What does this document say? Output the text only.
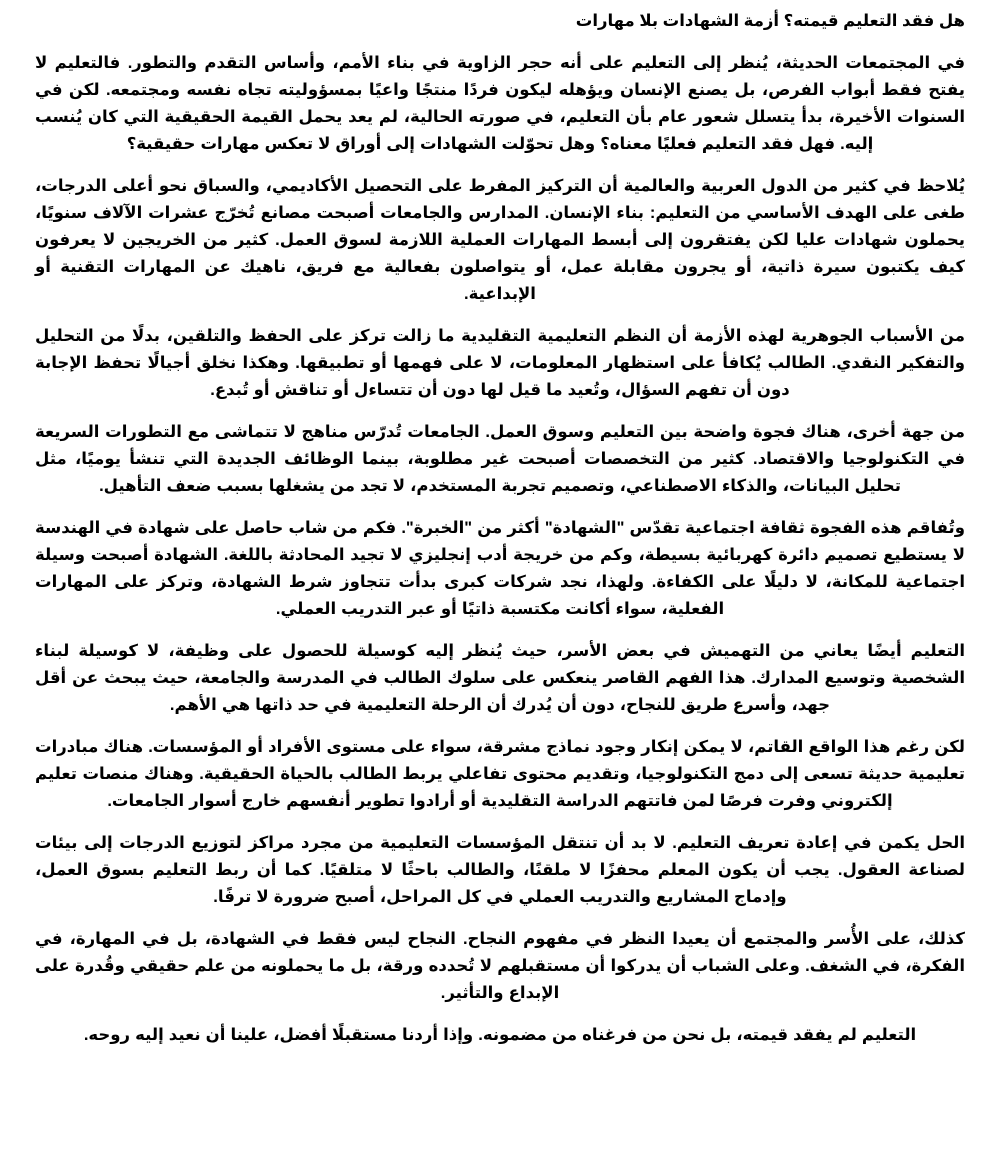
هل فقد التعليم قيمته؟ أزمة الشهادات بلا مهارات

في المجتمعات الحديثة، يُنظر إلى التعليم على أنه حجر الزاوية في بناء الأمم، وأساس التقدم والتطور. فالتعليم لا يفتح فقط أبواب الفرص، بل يصنع الإنسان ويؤهله ليكون فردًا منتجًا واعيًا بمسؤوليته تجاه نفسه ومجتمعه. لكن في السنوات الأخيرة، بدأ يتسلل شعور عام بأن التعليم، في صورته الحالية، لم يعد يحمل القيمة الحقيقية التي كان يُنسب إليه. فهل فقد التعليم فعليًا معناه؟ وهل تحوّلت الشهادات إلى أوراق لا تعكس مهارات حقيقية؟

يُلاحظ في كثير من الدول العربية والعالمية أن التركيز المفرط على التحصيل الأكاديمي، والسباق نحو أعلى الدرجات، طغى على الهدف الأساسي من التعليم: بناء الإنسان. المدارس والجامعات أصبحت مصانع تُخرّج عشرات الآلاف سنويًا، يحملون شهادات عليا لكن يفتقرون إلى أبسط المهارات العملية اللازمة لسوق العمل. كثير من الخريجين لا يعرفون كيف يكتبون سيرة ذاتية، أو يجرون مقابلة عمل، أو يتواصلون بفعالية مع فريق، ناهيك عن المهارات التقنية أو الإبداعية.

من الأسباب الجوهرية لهذه الأزمة أن النظم التعليمية التقليدية ما زالت تركز على الحفظ والتلقين، بدلًا من التحليل والتفكير النقدي. الطالب يُكافأ على استظهار المعلومات، لا على فهمها أو تطبيقها. وهكذا نخلق أجيالًا تحفظ الإجابة دون أن تفهم السؤال، وتُعيد ما قيل لها دون أن تتساءل أو تناقش أو تُبدع.

من جهة أخرى، هناك فجوة واضحة بين التعليم وسوق العمل. الجامعات تُدرّس مناهج لا تتماشى مع التطورات السريعة في التكنولوجيا والاقتصاد. كثير من التخصصات أصبحت غير مطلوبة، بينما الوظائف الجديدة التي تنشأ يوميًا، مثل تحليل البيانات، والذكاء الاصطناعي، وتصميم تجربة المستخدم، لا تجد من يشغلها بسبب ضعف التأهيل.

وتُفاقم هذه الفجوة ثقافة اجتماعية تقدّس "الشهادة" أكثر من "الخبرة". فكم من شاب حاصل على شهادة في الهندسة لا يستطيع تصميم دائرة كهربائية بسيطة، وكم من خريجة أدب إنجليزي لا تجيد المحادثة باللغة. الشهادة أصبحت وسيلة اجتماعية للمكانة، لا دليلًا على الكفاءة. ولهذا، نجد شركات كبرى بدأت تتجاوز شرط الشهادة، وتركز على المهارات الفعلية، سواء أكانت مكتسبة ذاتيًا أو عبر التدريب العملي.

التعليم أيضًا يعاني من التهميش في بعض الأسر، حيث يُنظر إليه كوسيلة للحصول على وظيفة، لا كوسيلة لبناء الشخصية وتوسيع المدارك. هذا الفهم القاصر ينعكس على سلوك الطالب في المدرسة والجامعة، حيث يبحث عن أقل جهد، وأسرع طريق للنجاح، دون أن يُدرك أن الرحلة التعليمية في حد ذاتها هي الأهم.

لكن رغم هذا الواقع القاتم، لا يمكن إنكار وجود نماذج مشرقة، سواء على مستوى الأفراد أو المؤسسات. هناك مبادرات تعليمية حديثة تسعى إلى دمج التكنولوجيا، وتقديم محتوى تفاعلي يربط الطالب بالحياة الحقيقية. وهناك منصات تعليم إلكتروني وفرت فرصًا لمن فاتتهم الدراسة التقليدية أو أرادوا تطوير أنفسهم خارج أسوار الجامعات.

الحل يكمن في إعادة تعريف التعليم. لا بد أن تنتقل المؤسسات التعليمية من مجرد مراكز لتوزيع الدرجات إلى بيئات لصناعة العقول. يجب أن يكون المعلم محفزًا لا ملقنًا، والطالب باحثًا لا متلقيًا. كما أن ربط التعليم بسوق العمل، وإدماج المشاريع والتدريب العملي في كل المراحل، أصبح ضرورة لا ترفًا.

كذلك، على الأُسر والمجتمع أن يعيدا النظر في مفهوم النجاح. النجاح ليس فقط في الشهادة، بل في المهارة، في الفكرة، في الشغف. وعلى الشباب أن يدركوا أن مستقبلهم لا تُحدده ورقة، بل ما يحملونه من علم حقيقي وقُدرة على الإبداع والتأثير.

التعليم لم يفقد قيمته، بل نحن من فرغناه من مضمونه. وإذا أردنا مستقبلًا أفضل، علينا أن نعيد إليه روحه.
